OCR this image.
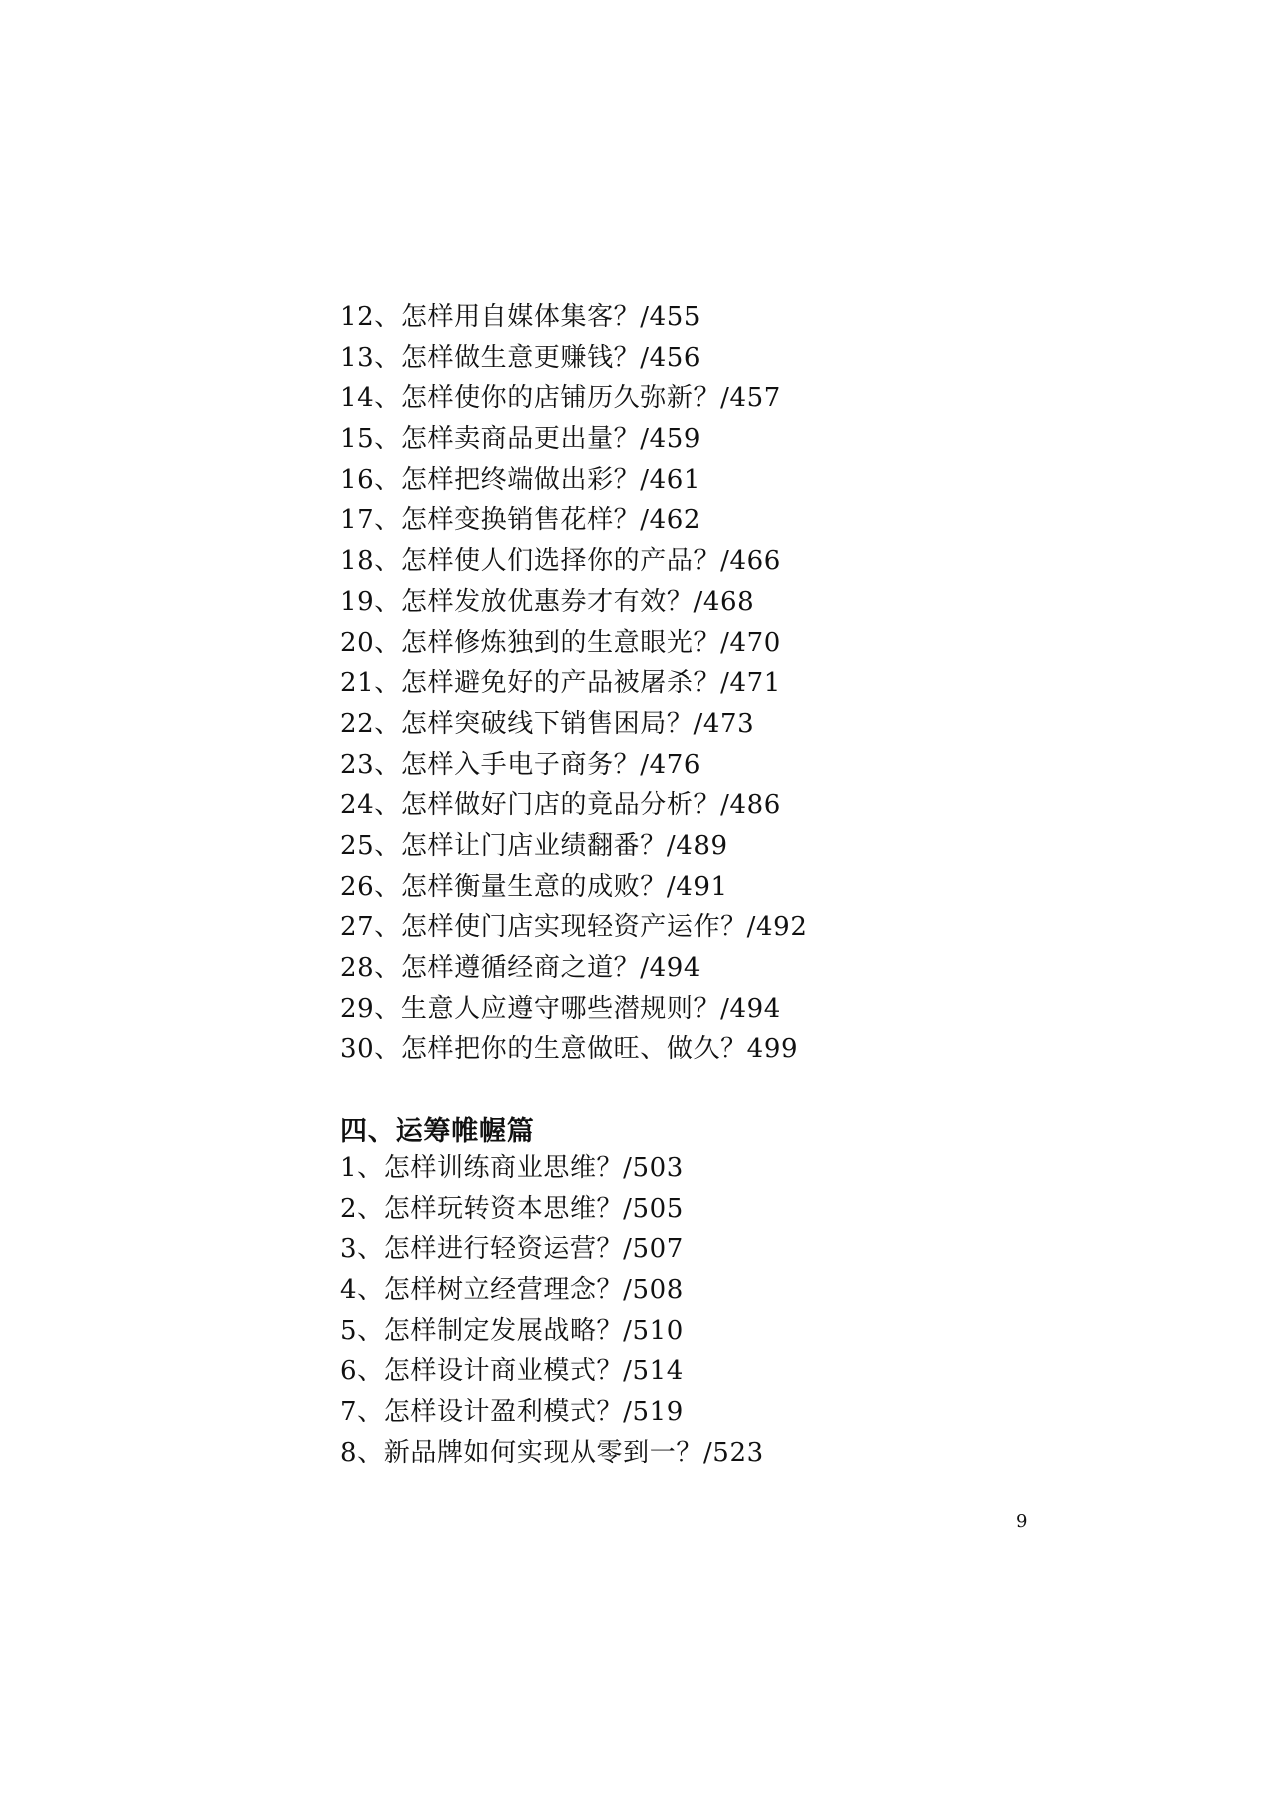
12、怎样用自媒体集客？/455
13、怎样做生意更赚钱？/456
14、怎样使你的店铺历久弥新？/457
15、怎样卖商品更出量？/459
16、怎样把终端做出彩？/461
17、怎样变换销售花样？/462
18、怎样使人们选择你的产品？/466
19、怎样发放优惠券才有效？/468
20、怎样修炼独到的生意眼光？/470
21、怎样避免好的产品被屠杀？/471
22、怎样突破线下销售困局？/473
23、怎样入手电子商务？/476
24、怎样做好门店的竟品分析？/486
25、怎样让门店业绩翻番？/489
26、怎样衡量生意的成败？/491
27、怎样使门店实现轻资产运作？/492
28、怎样遵循经商之道？/494
29、生意人应遵守哪些潜规则？/494
30、怎样把你的生意做旺、做久？499
四、运筹帷幄篇
1、怎样训练商业思维？/503
2、怎样玩转资本思维？/505
3、怎样进行轻资运营？/507
4、怎样树立经营理念？/508
5、怎样制定发展战略？/510
6、怎样设计商业模式？/514
7、怎样设计盈利模式？/519
8、新品牌如何实现从零到一？/523
9
